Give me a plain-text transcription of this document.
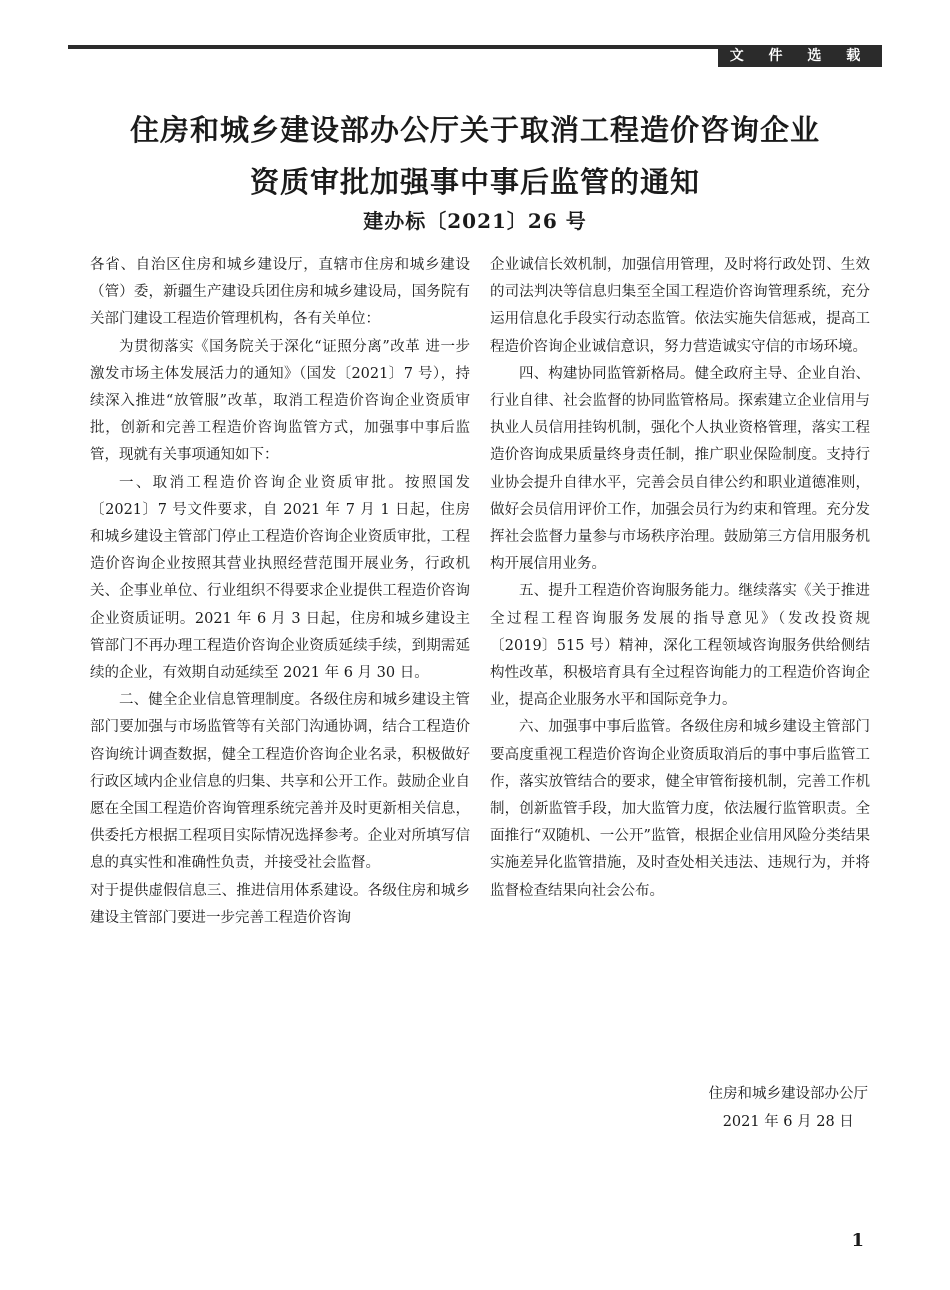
文 件 选 载
住房和城乡建设部办公厅关于取消工程造价咨询企业
资质审批加强事中事后监管的通知
建办标〔2021〕26 号

各省、自治区住房和城乡建设厅，直辖市住房和城乡建设（管）委，新疆生产建设兵团住房和城乡建设局，国务院有关部门建设工程造价管理机构，各有关单位：

为贯彻落实《国务院关于深化“证照分离”改革 进一步激发市场主体发展活力的通知》（国发〔2021〕7 号），持续深入推进“放管服”改革，取消工程造价咨询企业资质审批，创新和完善工程造价咨询监管方式，加强事中事后监管，现就有关事项通知如下：

一、取消工程造价咨询企业资质审批。按照国发〔2021〕7 号文件要求，自 2021 年 7 月 1 日起，住房和城乡建设主管部门停止工程造价咨询企业资质审批，工程造价咨询企业按照其营业执照经营范围开展业务，行政机关、企事业单位、行业组织不得要求企业提供工程造价咨询企业资质证明。2021 年 6 月 3 日起，住房和城乡建设主管部门不再办理工程造价咨询企业资质延续手续，到期需延续的企业，有效期自动延续至 2021 年 6 月 30 日。

二、健全企业信息管理制度。各级住房和城乡建设主管部门要加强与市场监管等有关部门沟通协调，结合工程造价咨询统计调查数据，健全工程造价咨询企业名录，积极做好行政区域内企业信息的归集、共享和公开工作。鼓励企业自愿在全国工程造价咨询管理系统完善并及时更新相关信息，供委托方根据工程项目实际情况选择参考。企业对所填写信息的真实性和准确性负责，并接受社会监督。

对于提供虚假信息三、推进信用体系建设。各级住房和城乡建设主管部门要进一步完善工程造价咨询

企业诚信长效机制，加强信用管理，及时将行政处罚、生效的司法判决等信息归集至全国工程造价咨询管理系统，充分运用信息化手段实行动态监管。依法实施失信惩戒，提高工程造价咨询企业诚信意识，努力营造诚实守信的市场环境。

四、构建协同监管新格局。健全政府主导、企业自治、行业自律、社会监督的协同监管格局。探索建立企业信用与执业人员信用挂钩机制，强化个人执业资格管理，落实工程造价咨询成果质量终身责任制，推广职业保险制度。支持行业协会提升自律水平，完善会员自律公约和职业道德准则，做好会员信用评价工作，加强会员行为约束和管理。充分发挥社会监督力量参与市场秩序治理。鼓励第三方信用服务机构开展信用业务。

五、提升工程造价咨询服务能力。继续落实《关于推进全过程工程咨询服务发展的指导意见》（发改投资规〔2019〕515 号）精神，深化工程领域咨询服务供给侧结构性改革，积极培育具有全过程咨询能力的工程造价咨询企业，提高企业服务水平和国际竞争力。

六、加强事中事后监管。各级住房和城乡建设主管部门要高度重视工程造价咨询企业资质取消后的事中事后监管工作，落实放管结合的要求，健全审管衔接机制，完善工作机制，创新监管手段，加大监管力度，依法履行监管职责。全面推行“双随机、一公开”监管，根据企业信用风险分类结果实施差异化监管措施，及时查处相关违法、违规行为，并将监督检查结果向社会公布。

住房和城乡建设部办公厅
2021 年 6 月 28 日
1
